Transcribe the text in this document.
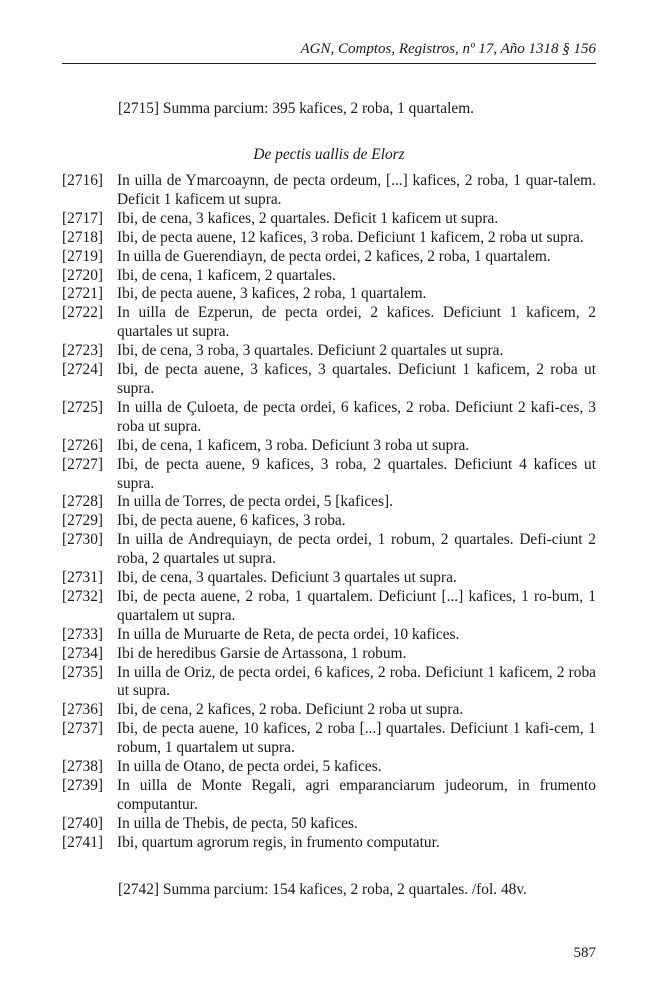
AGN, Comptos, Registros, nº 17, Año 1318 § 156
[2715] Summa parcium: 395 kafices, 2 roba, 1 quartalem.
De pectis uallis de Elorz
[2716] In uilla de Ymarcoaynn, de pecta ordeum, [...] kafices, 2 roba, 1 quar-talem. Deficit 1 kaficem ut supra.
[2717] Ibi, de cena, 3 kafices, 2 quartales. Deficit 1 kaficem ut supra.
[2718] Ibi, de pecta auene, 12 kafices, 3 roba. Deficiunt 1 kaficem, 2 roba ut supra.
[2719] In uilla de Guerendiayn, de pecta ordei, 2 kafices, 2 roba, 1 quartalem.
[2720] Ibi, de cena, 1 kaficem, 2 quartales.
[2721] Ibi, de pecta auene, 3 kafices, 2 roba, 1 quartalem.
[2722] In uilla de Ezperun, de pecta ordei, 2 kafices. Deficiunt 1 kaficem, 2 quartales ut supra.
[2723] Ibi, de cena, 3 roba, 3 quartales. Deficiunt 2 quartales ut supra.
[2724] Ibi, de pecta auene, 3 kafices, 3 quartales. Deficiunt 1 kaficem, 2 roba ut supra.
[2725] In uilla de Çuloeta, de pecta ordei, 6 kafices, 2 roba. Deficiunt 2 kafi-ces, 3 roba ut supra.
[2726] Ibi, de cena, 1 kaficem, 3 roba. Deficiunt 3 roba ut supra.
[2727] Ibi, de pecta auene, 9 kafices, 3 roba, 2 quartales. Deficiunt 4 kafices ut supra.
[2728] In uilla de Torres, de pecta ordei, 5 [kafices].
[2729] Ibi, de pecta auene, 6 kafices, 3 roba.
[2730] In uilla de Andrequiayn, de pecta ordei, 1 robum, 2 quartales. Defi-ciunt 2 roba, 2 quartales ut supra.
[2731] Ibi, de cena, 3 quartales. Deficiunt 3 quartales ut supra.
[2732] Ibi, de pecta auene, 2 roba, 1 quartalem. Deficiunt [...] kafices, 1 ro-bum, 1 quartalem ut supra.
[2733] In uilla de Muruarte de Reta, de pecta ordei, 10 kafices.
[2734] Ibi de heredibus Garsie de Artassona, 1 robum.
[2735] In uilla de Oriz, de pecta ordei, 6 kafices, 2 roba. Deficiunt 1 kaficem, 2 roba ut supra.
[2736] Ibi, de cena, 2 kafices, 2 roba. Deficiunt 2 roba ut supra.
[2737] Ibi, de pecta auene, 10 kafices, 2 roba [...] quartales. Deficiunt 1 kafi-cem, 1 robum, 1 quartalem ut supra.
[2738] In uilla de Otano, de pecta ordei, 5 kafices.
[2739] In uilla de Monte Regali, agri emparanciarum judeorum, in frumento computantur.
[2740] In uilla de Thebis, de pecta, 50 kafices.
[2741] Ibi, quartum agrorum regis, in frumento computatur.
[2742] Summa parcium: 154 kafices, 2 roba, 2 quartales. /fol. 48v.
587
